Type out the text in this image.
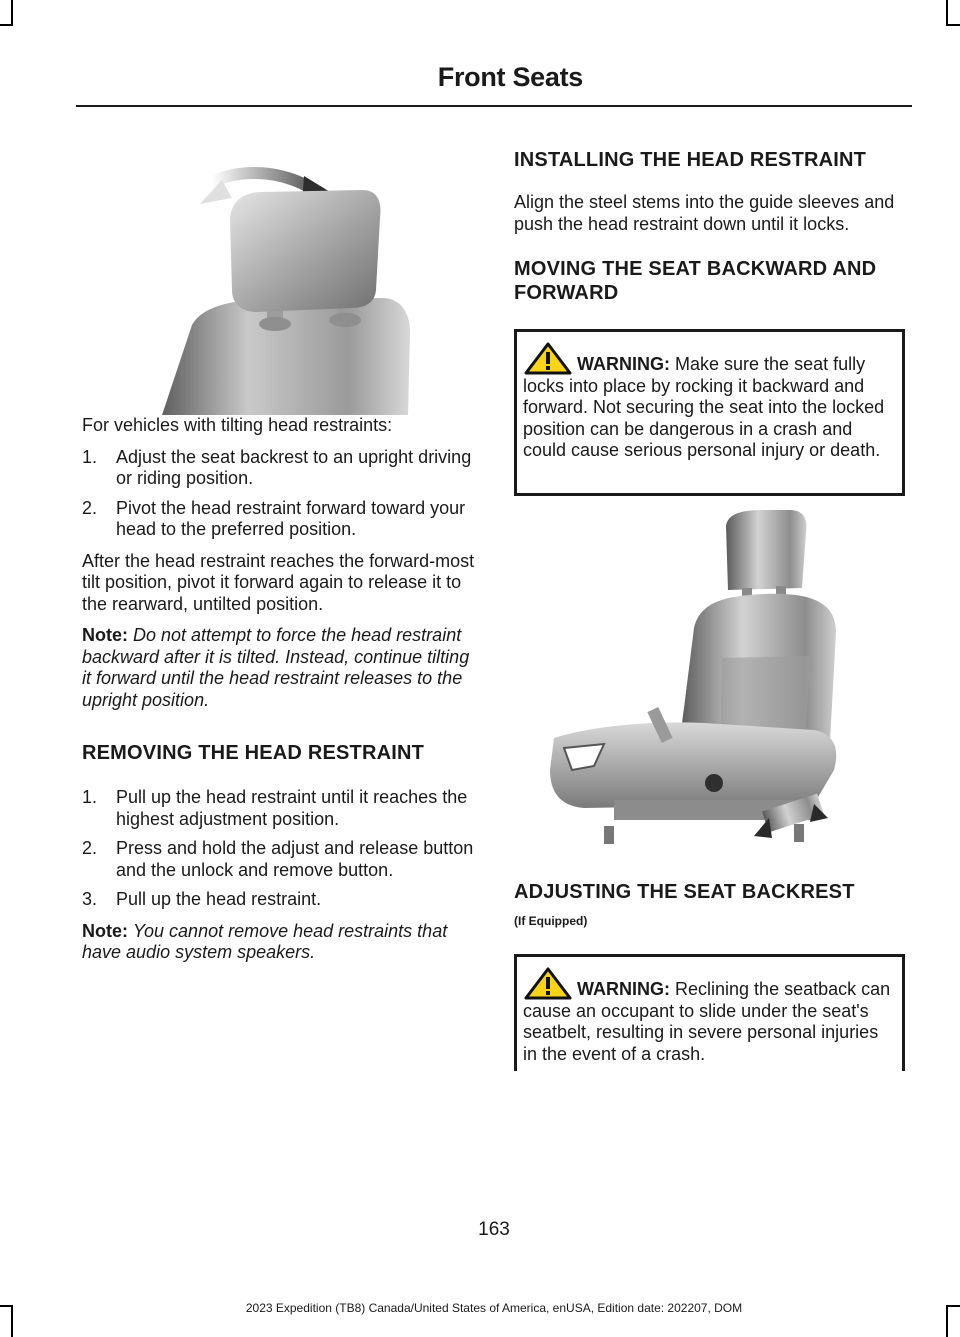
Front Seats

For vehicles with tilting head restraints:

1.	Adjust the seat backrest to an upright driving or riding position.
2.	Pivot the head restraint forward toward your head to the preferred position.

After the head restraint reaches the forward-most tilt position, pivot it forward again to release it to the rearward, untilted position.

Note: Do not attempt to force the head restraint backward after it is tilted. Instead, continue tilting it forward until the head restraint releases to the upright position.

REMOVING THE HEAD RESTRAINT
1.	Pull up the head restraint until it reaches the highest adjustment position.
2.	Press and hold the adjust and release button and the unlock and remove button.
3.	Pull up the head restraint.

Note: You cannot remove head restraints that have audio system speakers.

INSTALLING THE HEAD RESTRAINT

Align the steel stems into the guide sleeves and push the head restraint down until it locks.

MOVING THE SEAT BACKWARD AND FORWARD
WARNING: Make sure the seat fully locks into place by rocking it backward and forward. Not securing the seat into the locked position can be dangerous in a crash and could cause serious personal injury or death.
ADJUSTING THE SEAT BACKREST
(If Equipped)
WARNING: Reclining the seatback can cause an occupant to slide under the seat's seatbelt, resulting in severe personal injuries in the event of a crash.
163
2023 Expedition (TB8) Canada/United States of America, enUSA, Edition date: 202207, DOM
